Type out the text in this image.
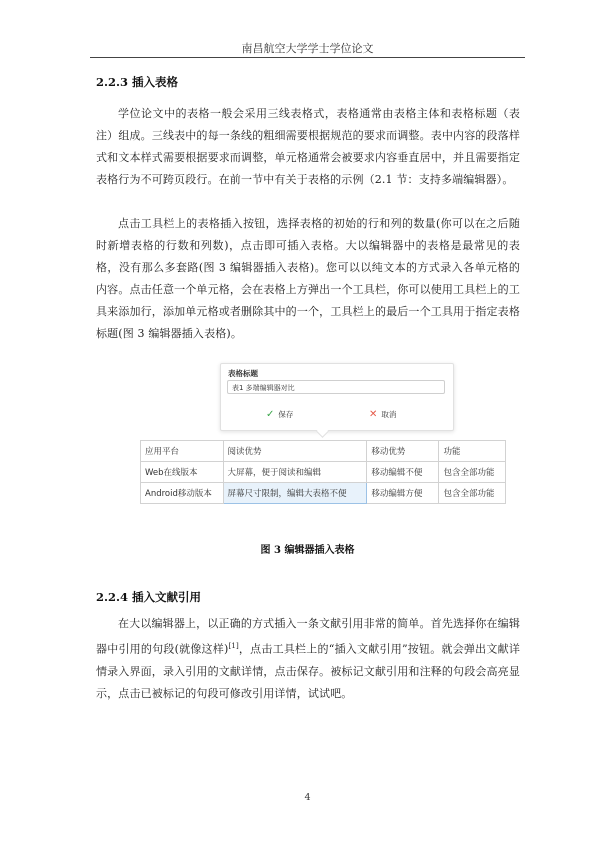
南昌航空大学学士学位论文
2.2.3 插入表格
学位论文中的表格一般会采用三线表格式，表格通常由表格主体和表格标题（表注）组成。三线表中的每一条线的粗细需要根据规范的要求而调整。表中内容的段落样式和文本样式需要根据要求而调整，单元格通常会被要求内容垂直居中，并且需要指定表格行为不可跨页段行。在前一节中有关于表格的示例（2.1 节：支持多端编辑器）。
点击工具栏上的表格插入按钮，选择表格的初始的行和列的数量(你可以在之后随时新增表格的行数和列数)，点击即可插入表格。大以编辑器中的表格是最常见的表格，没有那么多套路(图 3 编辑器插入表格)。您可以以纯文本的方式录入各单元格的内容。点击任意一个单元格，会在表格上方弹出一个工具栏，你可以使用工具栏上的工具来添加行，添加单元格或者删除其中的一个，工具栏上的最后一个工具用于指定表格标题(图 3 编辑器插入表格)。
表格标题
表1 多端编辑器对比
✓ 保存	✕ 取消
应用平台	阅读优势	移动优势	功能
Web在线版本	大屏幕，便于阅读和编辑	移动编辑不便	包含全部功能
Android移动版本	屏幕尺寸限制，编辑大表格不便	移动编辑方便	包含全部功能
图 3 编辑器插入表格
2.2.4 插入文献引用
在大以编辑器上，以正确的方式插入一条文献引用非常的简单。首先选择你在编辑器中引用的句段(就像这样)[1]，点击工具栏上的“插入文献引用”按钮。就会弹出文献详情录入界面，录入引用的文献详情，点击保存。被标记文献引用和注释的句段会高亮显示，点击已被标记的句段可修改引用详情，试试吧。
4
